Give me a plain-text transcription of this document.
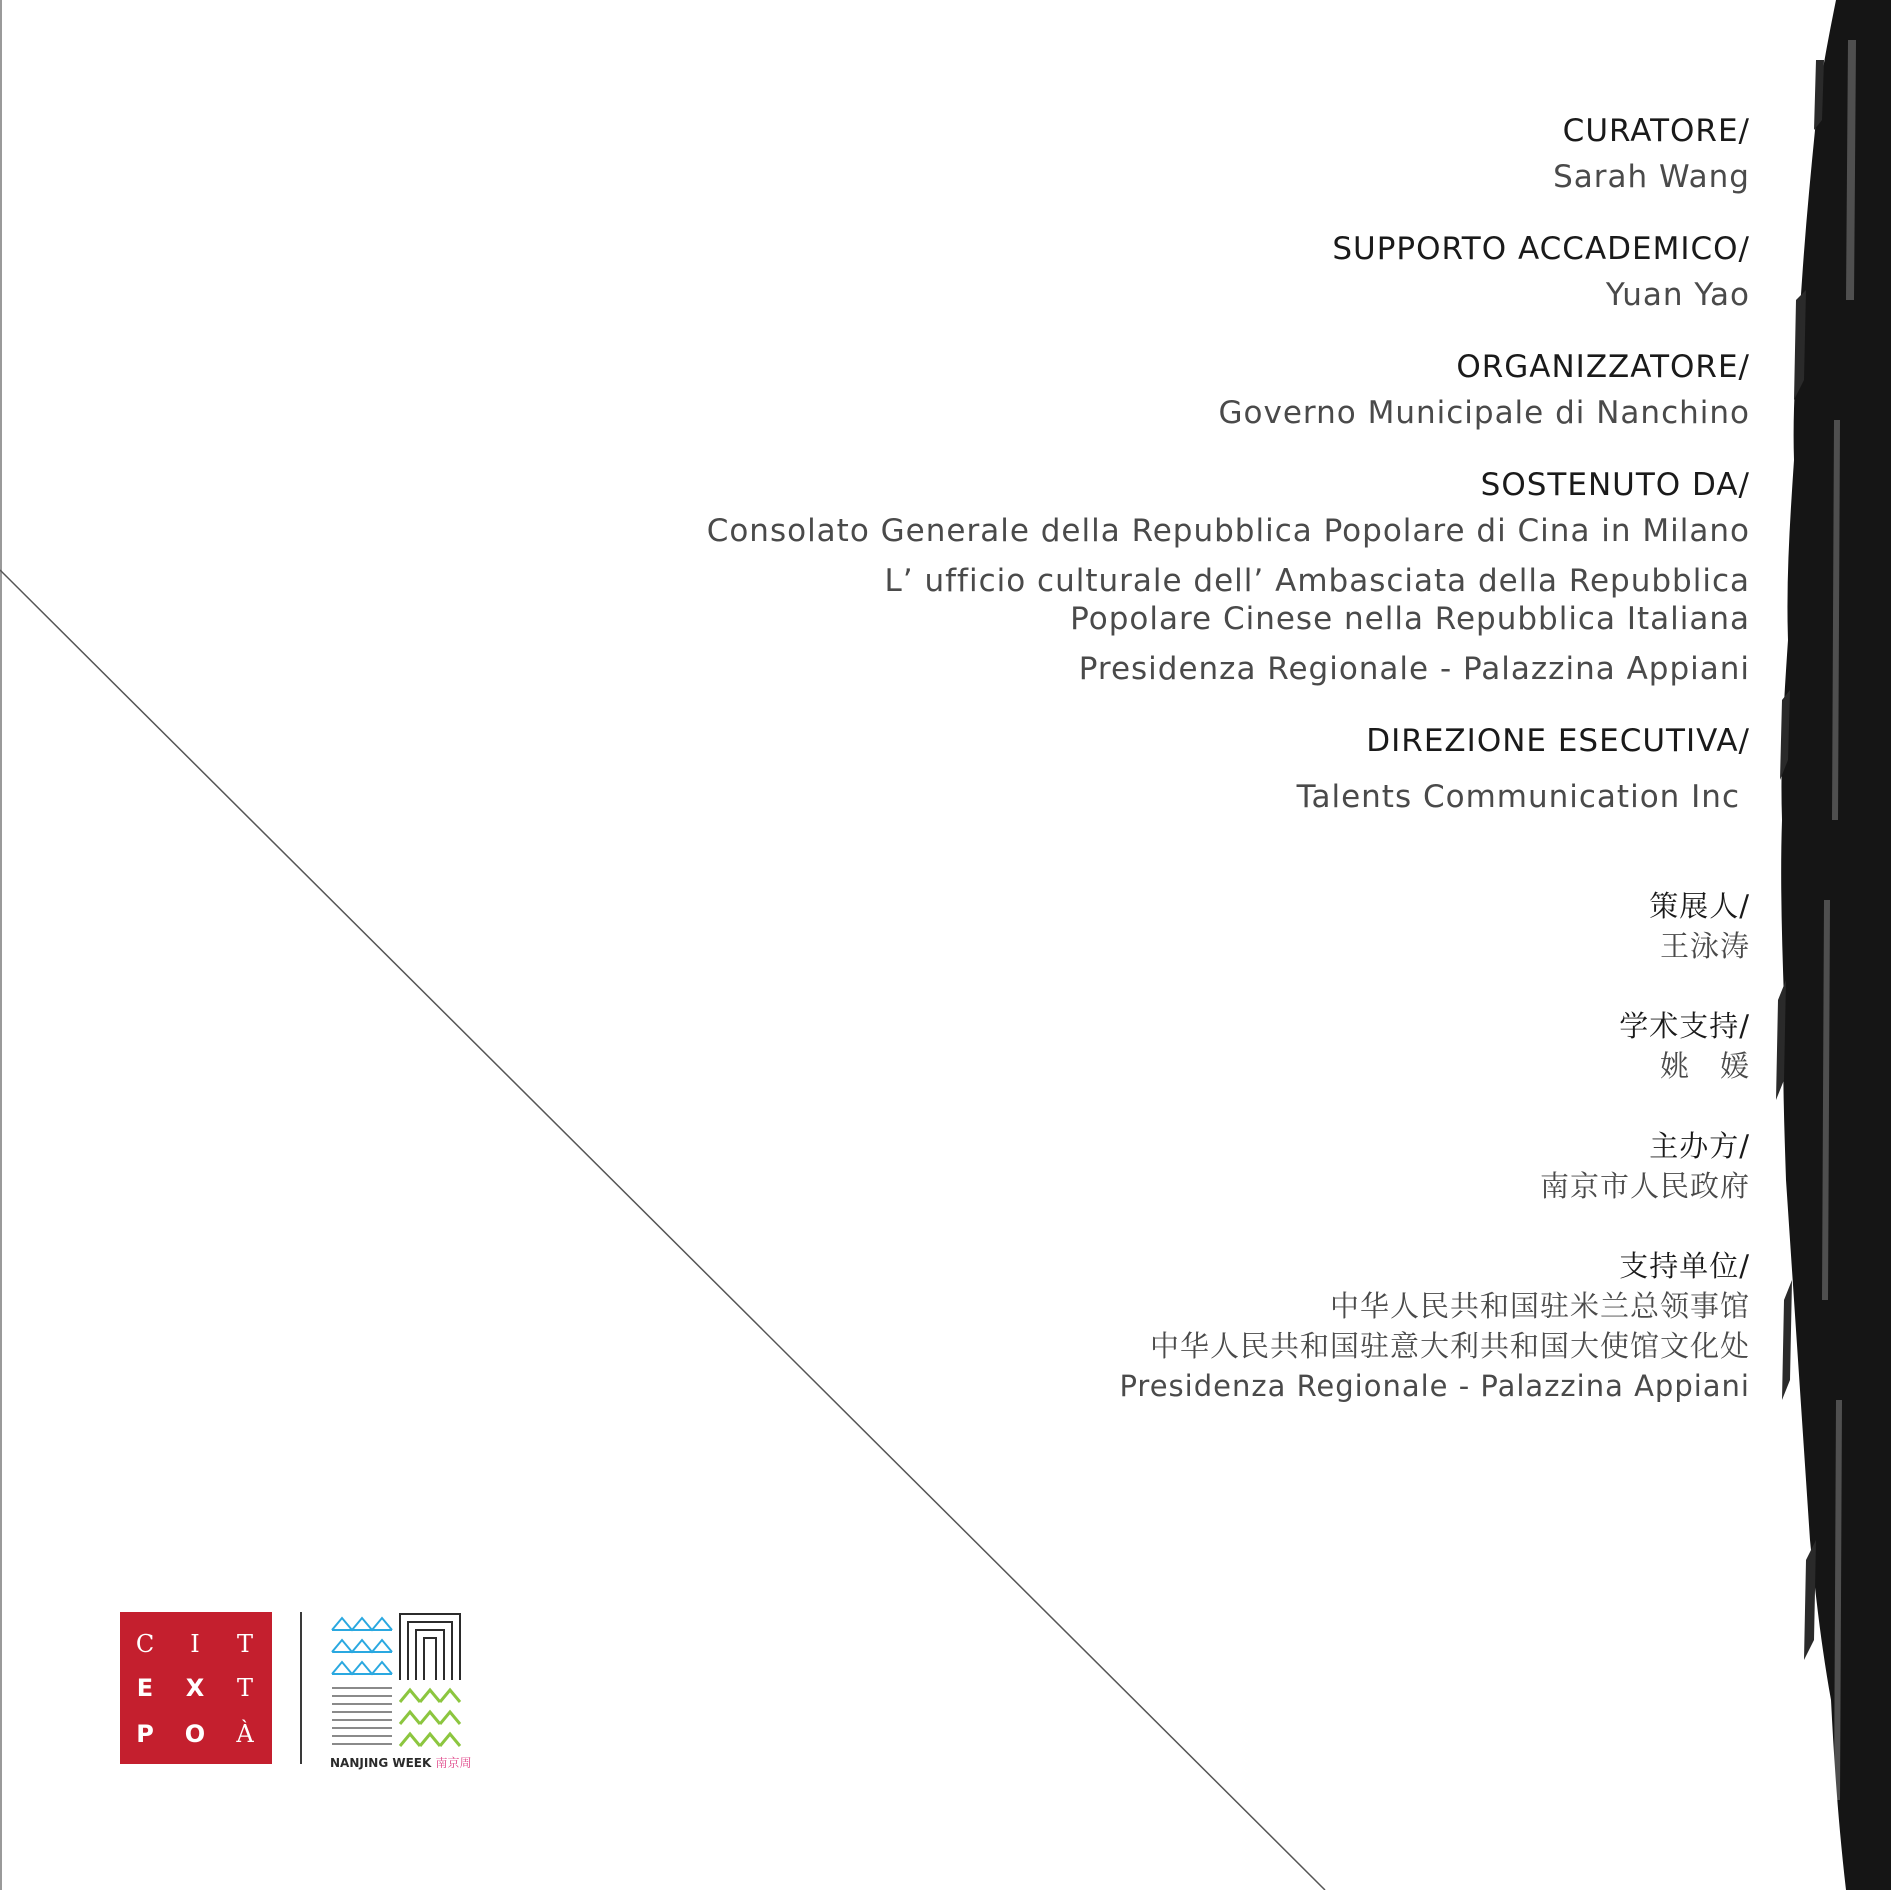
CURATORE/
Sarah Wang
SUPPORTO ACCADEMICO/
Yuan Yao
ORGANIZZATORE/
Governo Municipale di Nanchino
SOSTENUTO DA/
Consolato Generale della Repubblica Popolare di Cina in Milano
L’ ufficio culturale dell’ Ambasciata della Repubblica
Popolare Cinese nella Repubblica Italiana
Presidenza Regionale - Palazzina Appiani
DIREZIONE ESECUTIVA/
Talents Communication Inc
策展人/
王泳涛
学术支持/
姚　媛
主办方/
南京市人民政府
支持单位/
中华人民共和国驻米兰总领事馆
中华人民共和国驻意大利共和国大使馆文化处
Presidenza Regionale - Palazzina Appiani
C	I	T
E	X	T
P	O	À
NANJING WEEK 南京周
